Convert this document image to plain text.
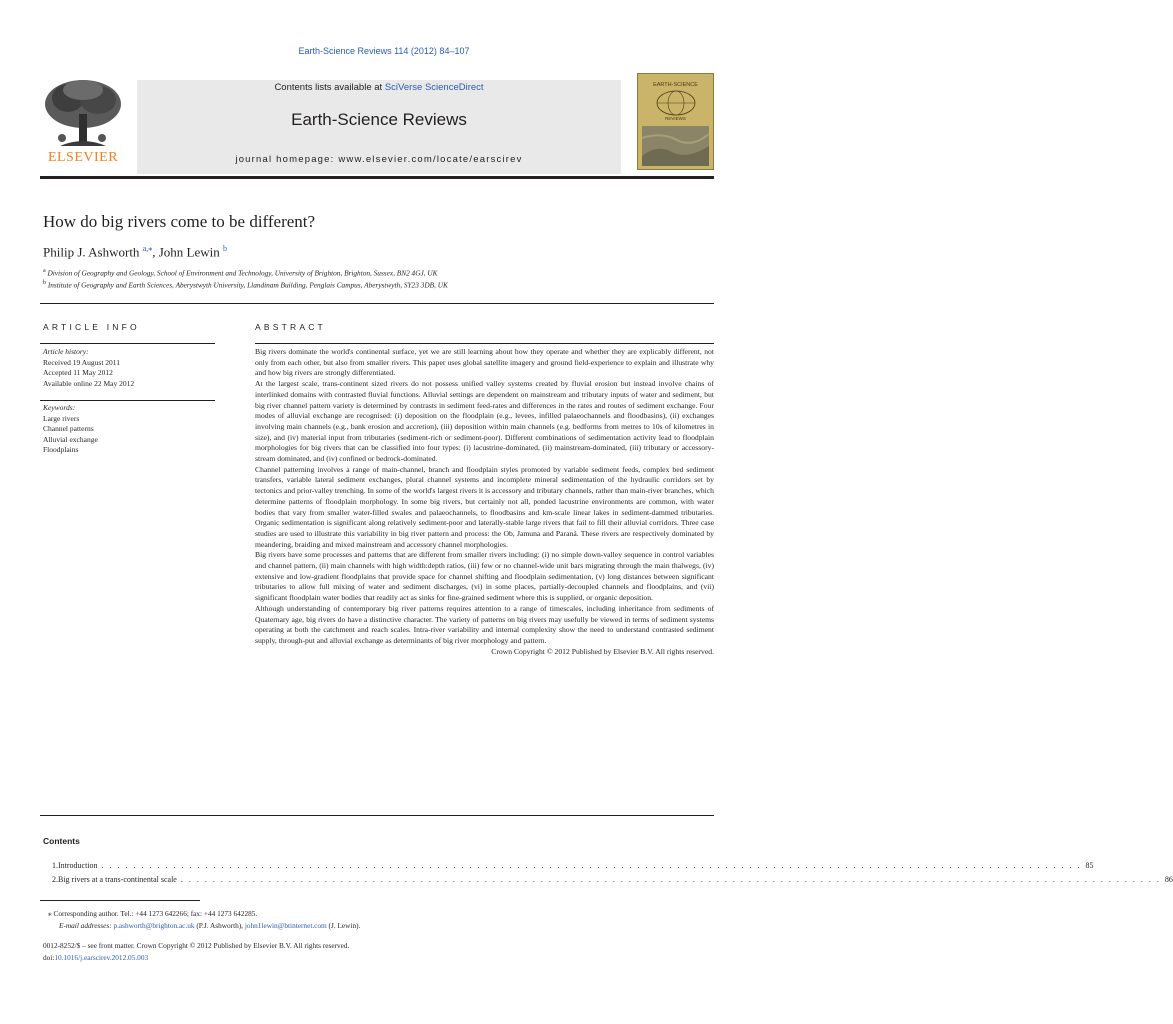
Earth-Science Reviews 114 (2012) 84–107
Contents lists available at SciVerse ScienceDirect
Earth-Science Reviews
journal homepage: www.elsevier.com/locate/earscirev
ELSEVIER
EARTH-SCIENCE
REVIEWS
How do big rivers come to be different?
Philip J. Ashworth $^{a,⁎}$, John Lewin $^b$
$^a$ Division of Geography and Geology, School of Environment and Technology, University of Brighton, Brighton, Sussex, BN2 4GJ, UK
$^b$ Institute of Geography and Earth Sciences, Aberystwyth University, Llandinam Building, Penglais Campus, Aberystwyth, SY23 3DB, UK
ARTICLE INFO
Article history:
Received 19 August 2011
Accepted 11 May 2012
Available online 22 May 2012
Keywords:
Large rivers
Channel patterns
Alluvial exchange
Floodplains
ABSTRACT

Big rivers dominate the world's continental surface, yet we are still learning about how they operate and whether they are explicably different, not only from each other, but also from smaller rivers. This paper uses global satellite imagery and ground field-experience to explain and illustrate why and how big rivers are strongly differentiated.

At the largest scale, trans-continent sized rivers do not possess unified valley systems created by fluvial erosion but instead involve chains of interlinked domains with contrasted fluvial functions. Alluvial settings are dependent on mainstream and tributary inputs of water and sediment, but big river channel pattern variety is determined by contrasts in sediment feed-rates and differences in the rates and routes of sediment exchange. Four modes of alluvial exchange are recognised: (i) deposition on the floodplain (e.g., levees, infilled palaeochannels and floodbasins), (ii) exchanges involving main channels (e.g., bank erosion and accretion), (iii) deposition within main channels (e.g. bedforms from metres to 10s of kilometres in size), and (iv) material input from tributaries (sediment-rich or sediment-poor). Different combinations of sedimentation activity lead to floodplain morphologies for big rivers that can be classified into four types: (i) lacustrine-dominated, (ii) mainstream-dominated, (iii) tributary or accessory-stream dominated, and (iv) confined or bedrock-dominated.

Channel patterning involves a range of main-channel, branch and floodplain styles promoted by variable sediment feeds, complex bed sediment transfers, variable lateral sediment exchanges, plural channel systems and incomplete mineral sedimentation of the hydraulic corridors set by tectonics and prior-valley trenching. In some of the world's largest rivers it is accessory and tributary channels, rather than main-river branches, which determine patterns of floodplain morphology. In some big rivers, but certainly not all, ponded lacustrine environments are common, with water bodies that vary from smaller water-filled swales and palaeochannels, to floodbasins and km-scale linear lakes in sediment-dammed tributaries. Organic sedimentation is significant along relatively sediment-poor and laterally-stable large rivers that fail to fill their alluvial corridors. Three case studies are used to illustrate this variability in big river pattern and process: the Ob, Jamuna and Paraná. These rivers are respectively dominated by meandering, braiding and mixed mainstream and accessory channel morphologies.

Big rivers have some processes and patterns that are different from smaller rivers including: (i) no simple down-valley sequence in control variables and channel pattern, (ii) main channels with high width:depth ratios, (iii) few or no channel-wide unit bars migrating through the main thalwegs, (iv) extensive and low-gradient floodplains that provide space for channel shifting and floodplain sedimentation, (v) long distances between significant tributaries to allow full mixing of water and sediment discharges, (vi) in some places, partially-decoupled channels and floodplains, and (vii) significant floodplain water bodies that readily act as sinks for fine-grained sediment where this is supplied, or organic deposition.

Although understanding of contemporary big river patterns requires attention to a range of timescales, including inheritance from sediments of Quaternary age, big rivers do have a distinctive character. The variety of patterns on big rivers may usefully be viewed in terms of sediment systems operating at both the catchment and reach scales. Intra-river variability and internal complexity show the need to understand contrasted sediment supply, through-put and alluvial exchange as determinants of big river morphology and pattern.

Crown Copyright © 2012 Published by Elsevier B.V. All rights reserved.

Contents
1. Introduction . . . . . . . . . . . . . . . . . . . . . . . . . . . . . . . . . . . . . . . . . . . . . . . . . . . . . . . . . . . . . . . . . . . . . . . . . . . . . . . . . . . . . . . . . . . . . . . . . . . . . . . . . . . . . . . . . . . . . . . . . . . 85
2. Big rivers at a trans-continental scale . . . . . . . . . . . . . . . . . . . . . . . . . . . . . . . . . . . . . . . . . . . . . . . . . . . . . . . . . . . . . . . . . . . . . . . . . . . . . . . . . . . . . . . . . . . . . . . . . . . . . . . . . . . . . . . . . . . . . . . . . . . 86
⁎ Corresponding author. Tel.: +44 1273 642266; fax: +44 1273 642285.
E-mail addresses: p.ashworth@brighton.ac.uk (P.J. Ashworth), john1lewin@btinternet.com (J. Lewin).
0012-8252/$ – see front matter. Crown Copyright © 2012 Published by Elsevier B.V. All rights reserved.
doi:10.1016/j.earscirev.2012.05.003
